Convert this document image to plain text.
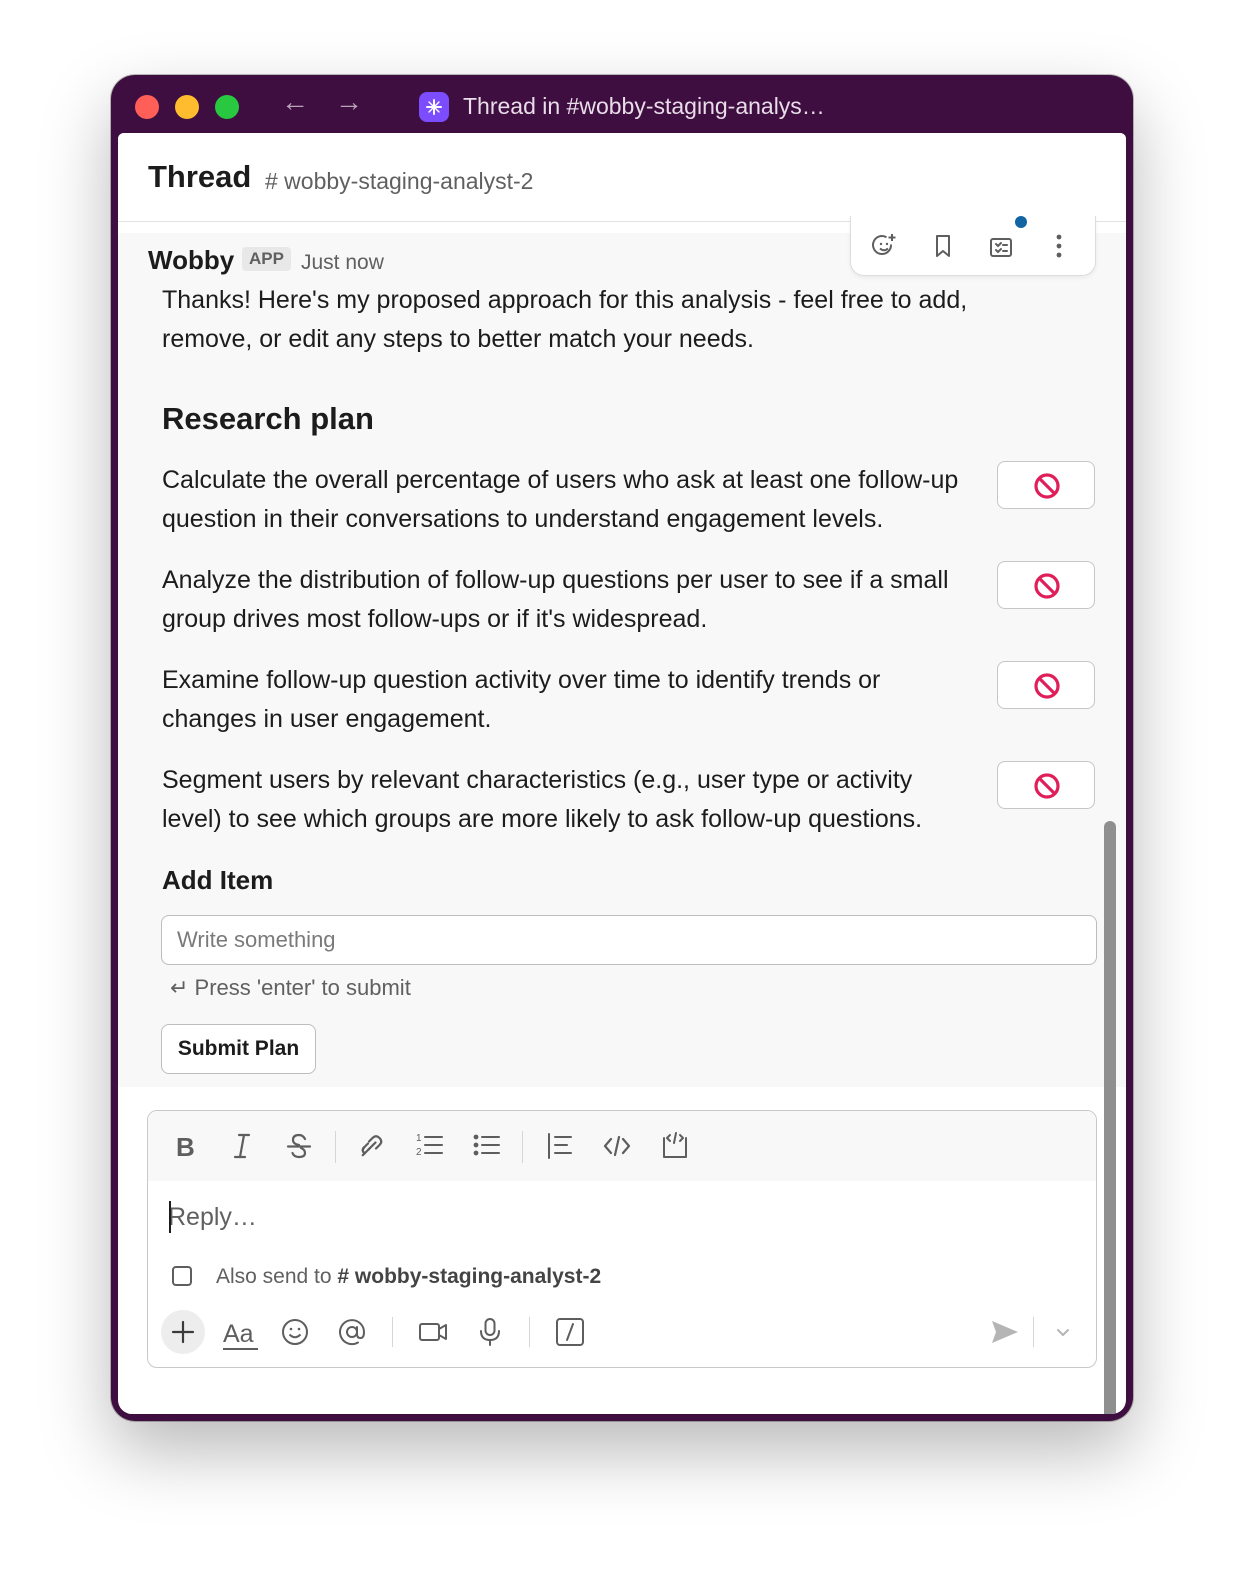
← →	Thread in #wobby-staging-analys…
Thread # wobby-staging-analyst-2
Wobby APP Just now
Thanks! Here's my proposed approach for this analysis - feel free to add, remove, or edit any steps to better match your needs.
Research plan
Calculate the overall percentage of users who ask at least one follow-up question in their conversations to understand engagement levels.
Analyze the distribution of follow-up questions per user to see if a small group drives most follow-ups or if it's widespread.
Examine follow-up question activity over time to identify trends or changes in user engagement.
Segment users by relevant characteristics (e.g., user type or activity level) to see which groups are more likely to ask follow-up questions.
Add Item
Write something
↵ Press 'enter' to submit
Submit Plan
B	1
2
Reply…
Also send to # wobby-staging-analyst-2
Aa
